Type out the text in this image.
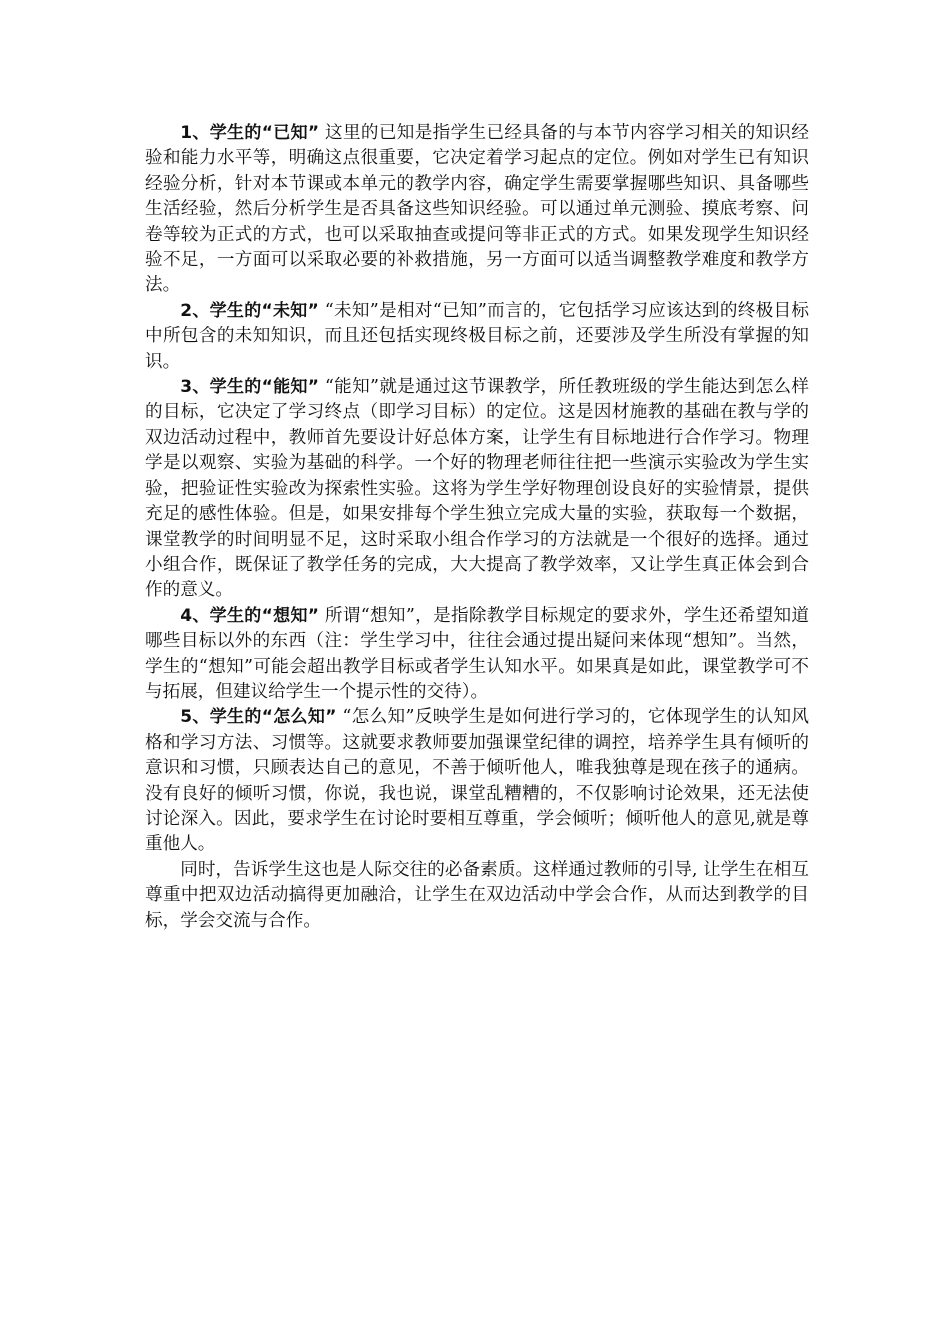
1、学生的“已知” 这里的已知是指学生已经具备的与本节内容学习相关的知识经验和能力水平等，明确这点很重要，它决定着学习起点的定位。例如对学生已有知识经验分析，针对本节课或本单元的教学内容，确定学生需要掌握哪些知识、具备哪些生活经验，然后分析学生是否具备这些知识经验。可以通过单元测验、摸底考察、问卷等较为正式的方式，也可以采取抽查或提问等非正式的方式。如果发现学生知识经验不足，一方面可以采取必要的补救措施，另一方面可以适当调整教学难度和教学方法。

2、学生的“未知” “未知”是相对“已知”而言的，它包括学习应该达到的终极目标中所包含的未知知识，而且还包括实现终极目标之前，还要涉及学生所没有掌握的知识。

3、学生的“能知” “能知”就是通过这节课教学，所任教班级的学生能达到怎么样的目标，它决定了学习终点（即学习目标）的定位。这是因材施教的基础在教与学的双边活动过程中，教师首先要设计好总体方案，让学生有目标地进行合作学习。物理学是以观察、实验为基础的科学。一个好的物理老师往往把一些演示实验改为学生实验，把验证性实验改为探索性实验。这将为学生学好物理创设良好的实验情景，提供充足的感性体验。但是，如果安排每个学生独立完成大量的实验，获取每一个数据，课堂教学的时间明显不足，这时采取小组合作学习的方法就是一个很好的选择。通过小组合作，既保证了教学任务的完成，大大提高了教学效率，又让学生真正体会到合作的意义。

4、学生的“想知” 所谓“想知”，是指除教学目标规定的要求外，学生还希望知道哪些目标以外的东西（注：学生学习中，往往会通过提出疑问来体现“想知”。当然，学生的“想知”可能会超出教学目标或者学生认知水平。如果真是如此，课堂教学可不与拓展，但建议给学生一个提示性的交待）。

5、学生的“怎么知” “怎么知”反映学生是如何进行学习的，它体现学生的认知风格和学习方法、习惯等。这就要求教师要加强课堂纪律的调控，培养学生具有倾听的意识和习惯，只顾表达自己的意见，不善于倾听他人，唯我独尊是现在孩子的通病。没有良好的倾听习惯，你说，我也说，课堂乱糟糟的，不仅影响讨论效果，还无法使讨论深入。因此，要求学生在讨论时要相互尊重，学会倾听；倾听他人的意见,就是尊重他人。

同时，告诉学生这也是人际交往的必备素质。这样通过教师的引导, 让学生在相互尊重中把双边活动搞得更加融洽，让学生在双边活动中学会合作，从而达到教学的目标，学会交流与合作。
